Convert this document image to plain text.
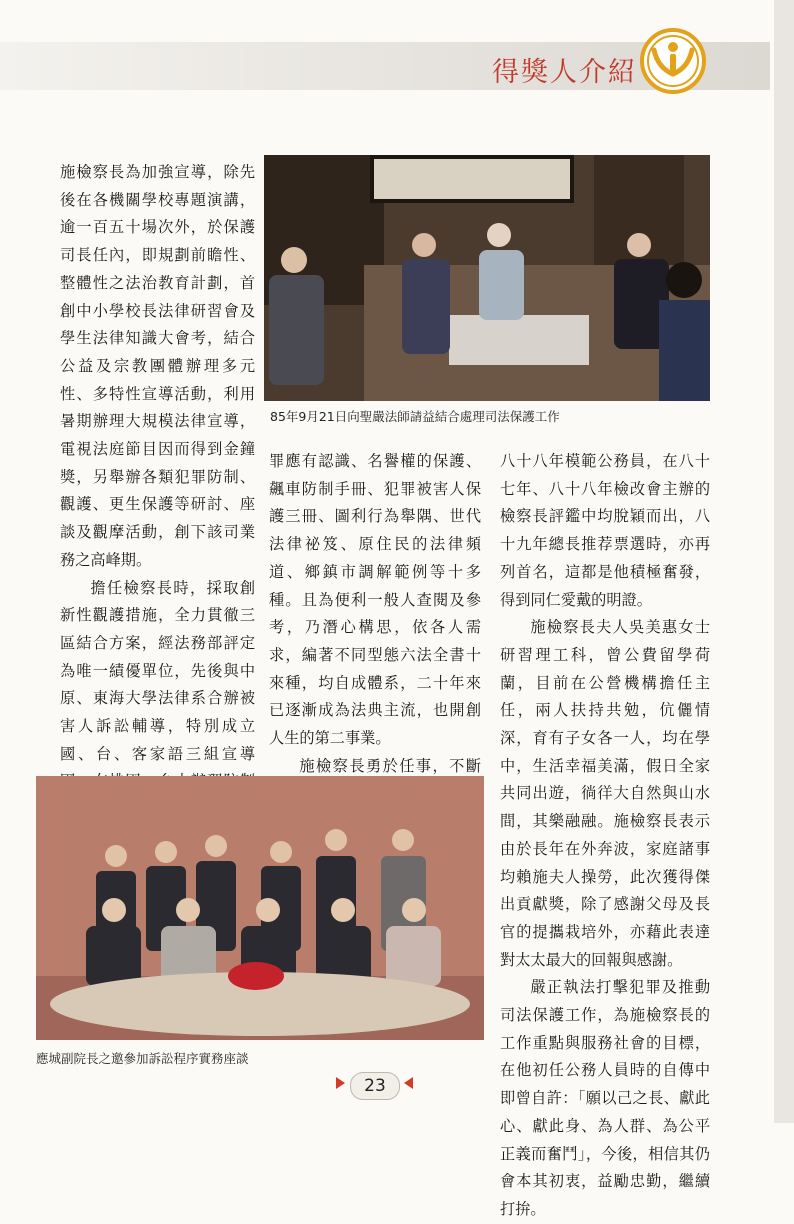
得獎人介紹

施檢察長為加強宣導，除先後在各機關學校專題演講，逾一百五十場次外，於保護司長任內，即規劃前瞻性、整體性之法治教育計劃，首創中小學校長法律研習會及學生法律知識大會考，結合公益及宗教團體辦理多元性、多特性宣導活動，利用暑期辦理大規模法律宣導，電視法庭節目因而得到金鐘獎，另舉辦各類犯罪防制、觀護、更生保護等研討、座談及觀摩活動，創下該司業務之高峰期。

擔任檢察長時，採取創新性觀護措施，全力貫徹三區結合方案，經法務部評定為唯一績優單位，先後與中原、東海大學法律系合辦被害人訴訟輔導，特別成立國、台、客家語三組宣導

85年9月21日向聖嚴法師請益結合處理司法保護工作

罪應有認識、名譽權的保護、飆車防制手冊、犯罪被害人保護三冊、圖利行為舉隅、世代法律祕笈、原住民的法律頻道、鄉鎮市調解範例等十多種。且為便利一般人查閱及參考，乃潛心構思，依各人需求，編著不同型態六法全書十來種，均自成體系，二十年來已逐漸成為法典主流，也開創人生的第二事業。

施檢察長勇於任事，不斷

八十八年模範公務員，在八十七年、八十八年檢改會主辦的檢察長評鑑中均脫穎而出，八十九年總長推荐票選時，亦再列首名，這都是他積極奮發，得到同仁愛戴的明證。

施檢察長夫人吳美惠女士研習理工科，曾公費留學荷蘭，目前在公營機構擔任主任，兩人扶持共勉，伉儷情深，育有子女各一人，均在學中，生活幸福美滿，假日全家共同出遊，徜徉大自然與山水間，其樂融融。施檢察長表示由於長年在外奔波，家庭諸事均賴施夫人操勞，此次獲得傑出貢獻獎，除了感謝父母及長官的提攜栽培外，亦藉此表達對太太最大的回報與感謝。

嚴正執法打擊犯罪及推動司法保護工作，為施檢察長的工作重點與服務社會的目標，在他初任公務人員時的自傳中即曾自許：「願以己之長、獻此心、獻此身、為人群、為公平正義而奮鬥」，今後，相信其仍會本其初衷，益勵忠勤，繼續打拚。

應城副院長之邀參加訴訟程序實務座談
23
